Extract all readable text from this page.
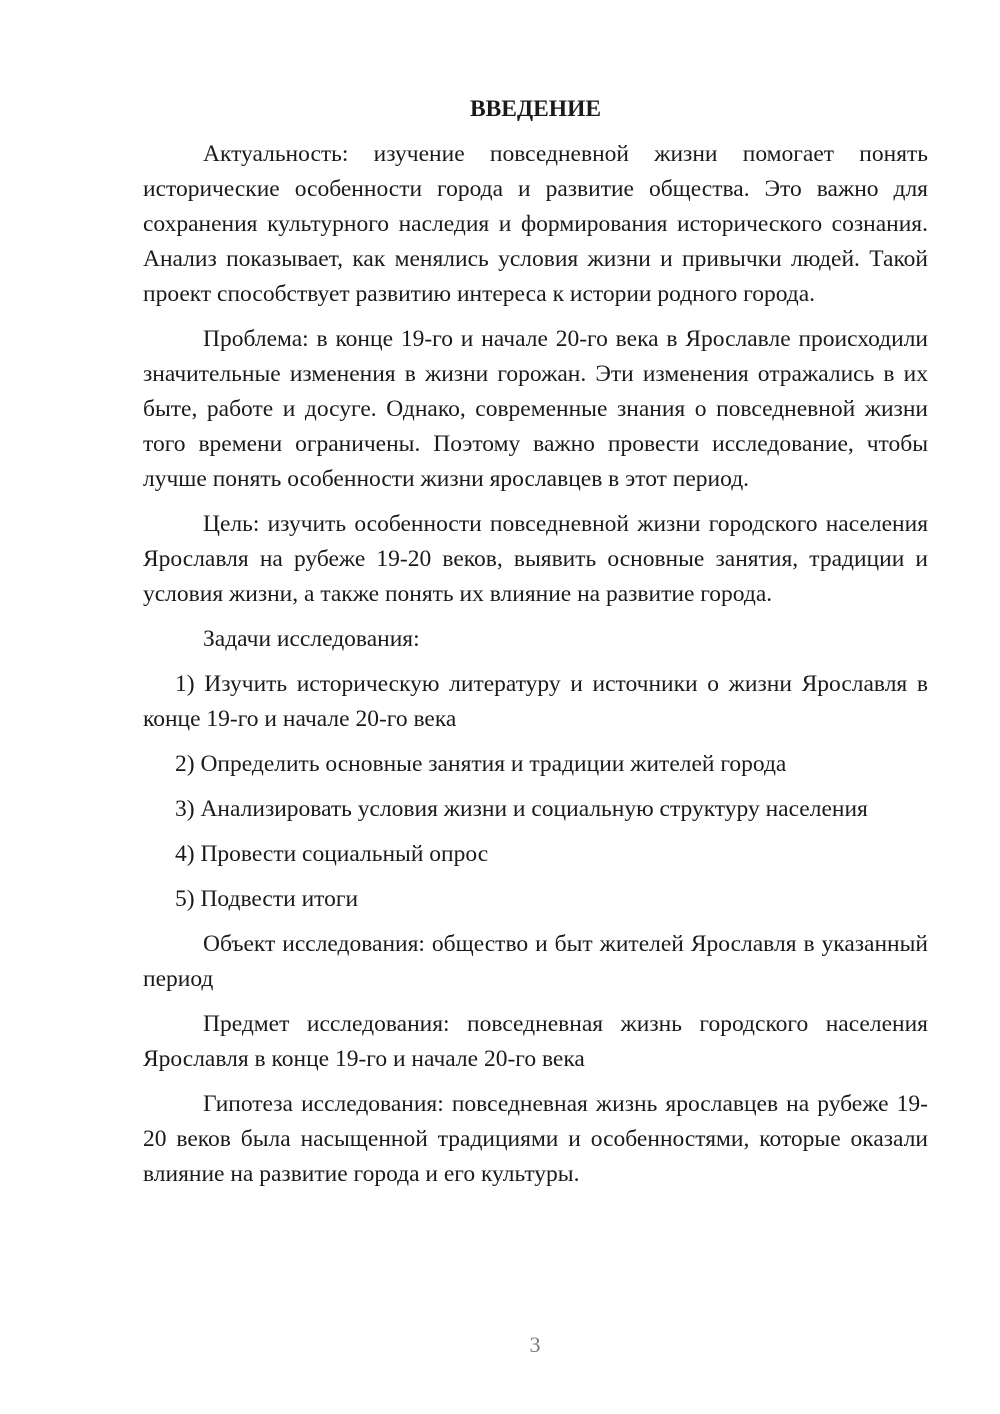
ВВЕДЕНИЕ

Актуальность: изучение повседневной жизни помогает понять исторические особенности города и развитие общества. Это важно для сохранения культурного наследия и формирования исторического сознания. Анализ показывает, как менялись условия жизни и привычки людей. Такой проект способствует развитию интереса к истории родного города.

Проблема: в конце 19-го и начале 20-го века в Ярославле происходили значительные изменения в жизни горожан. Эти изменения отражались в их быте, работе и досуге. Однако, современные знания о повседневной жизни того времени ограничены. Поэтому важно провести исследование, чтобы лучше понять особенности жизни ярославцев в этот период.

Цель: изучить особенности повседневной жизни городского населения Ярославля на рубеже 19-20 веков, выявить основные занятия, традиции и условия жизни, а также понять их влияние на развитие города.

Задачи исследования:

1) Изучить историческую литературу и источники о жизни Ярославля в конце 19-го и начале 20-го века

2) Определить основные занятия и традиции жителей города

3) Анализировать условия жизни и социальную структуру населения

4) Провести социальный опрос

5) Подвести итоги

Объект исследования: общество и быт жителей Ярославля в указанный период

Предмет исследования: повседневная жизнь городского населения Ярославля в конце 19-го и начале 20-го века

Гипотеза исследования: повседневная жизнь ярославцев на рубеже 19-20 веков была насыщенной традициями и особенностями, которые оказали влияние на развитие города и его культуры.

3
